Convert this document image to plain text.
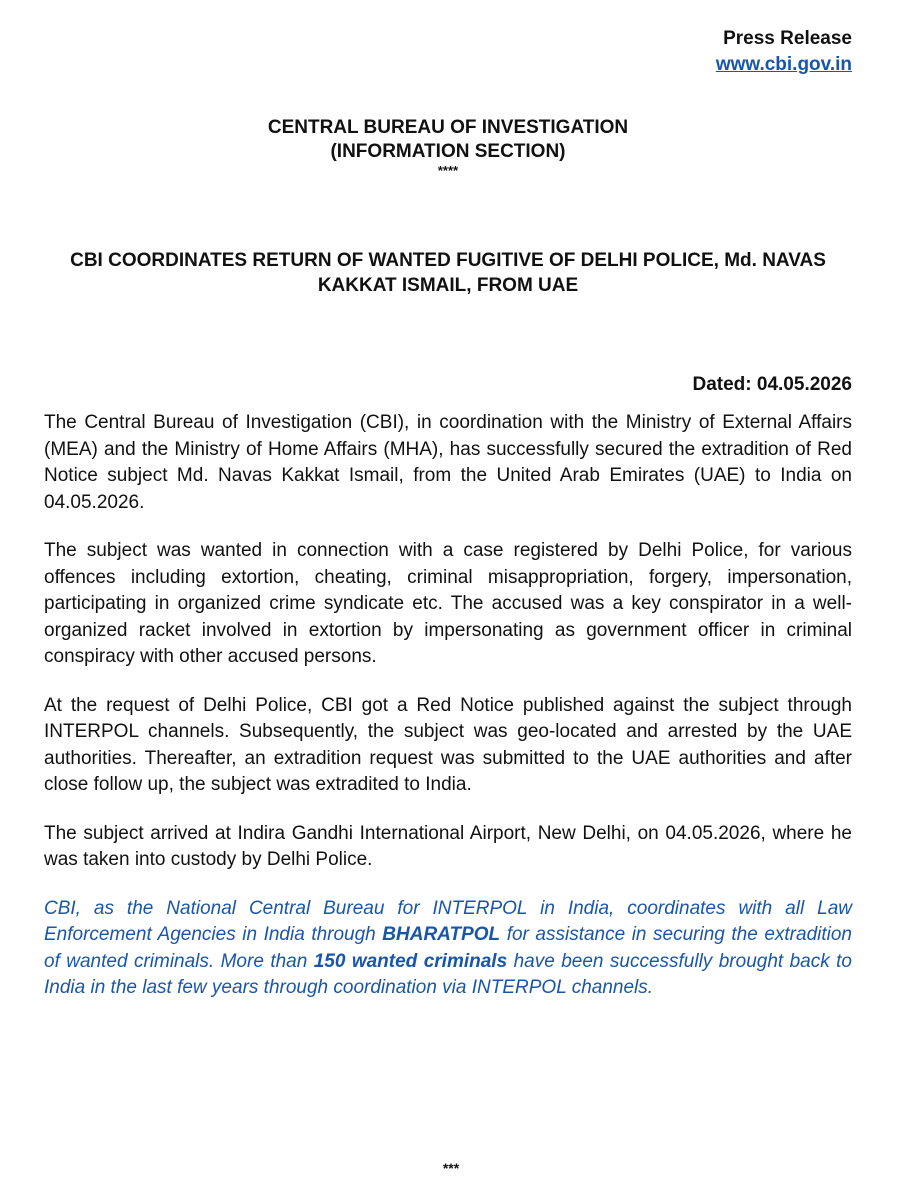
Press Release
www.cbi.gov.in
CENTRAL BUREAU OF INVESTIGATION
(INFORMATION SECTION)
****
CBI COORDINATES RETURN OF WANTED FUGITIVE OF DELHI POLICE, Md. NAVAS KAKKAT ISMAIL, FROM UAE
Dated: 04.05.2026
The Central Bureau of Investigation (CBI), in coordination with the Ministry of External Affairs (MEA) and the Ministry of Home Affairs (MHA), has successfully secured the extradition of Red Notice subject Md. Navas Kakkat Ismail, from the United Arab Emirates (UAE) to India on 04.05.2026.
The subject was wanted in connection with a case registered by Delhi Police, for various offences including extortion, cheating, criminal misappropriation, forgery, impersonation, participating in organized crime syndicate etc. The accused was a key conspirator in a well-organized racket involved in extortion by impersonating as government officer in criminal conspiracy with other accused persons.
At the request of Delhi Police, CBI got a Red Notice published against the subject through INTERPOL channels. Subsequently, the subject was geo-located and arrested by the UAE authorities. Thereafter, an extradition request was submitted to the UAE authorities and after close follow up, the subject was extradited to India.
The subject arrived at Indira Gandhi International Airport, New Delhi, on 04.05.2026, where he was taken into custody by Delhi Police.
CBI, as the National Central Bureau for INTERPOL in India, coordinates with all Law Enforcement Agencies in India through BHARATPOL for assistance in securing the extradition of wanted criminals. More than 150 wanted criminals have been successfully brought back to India in the last few years through coordination via INTERPOL channels.
***
